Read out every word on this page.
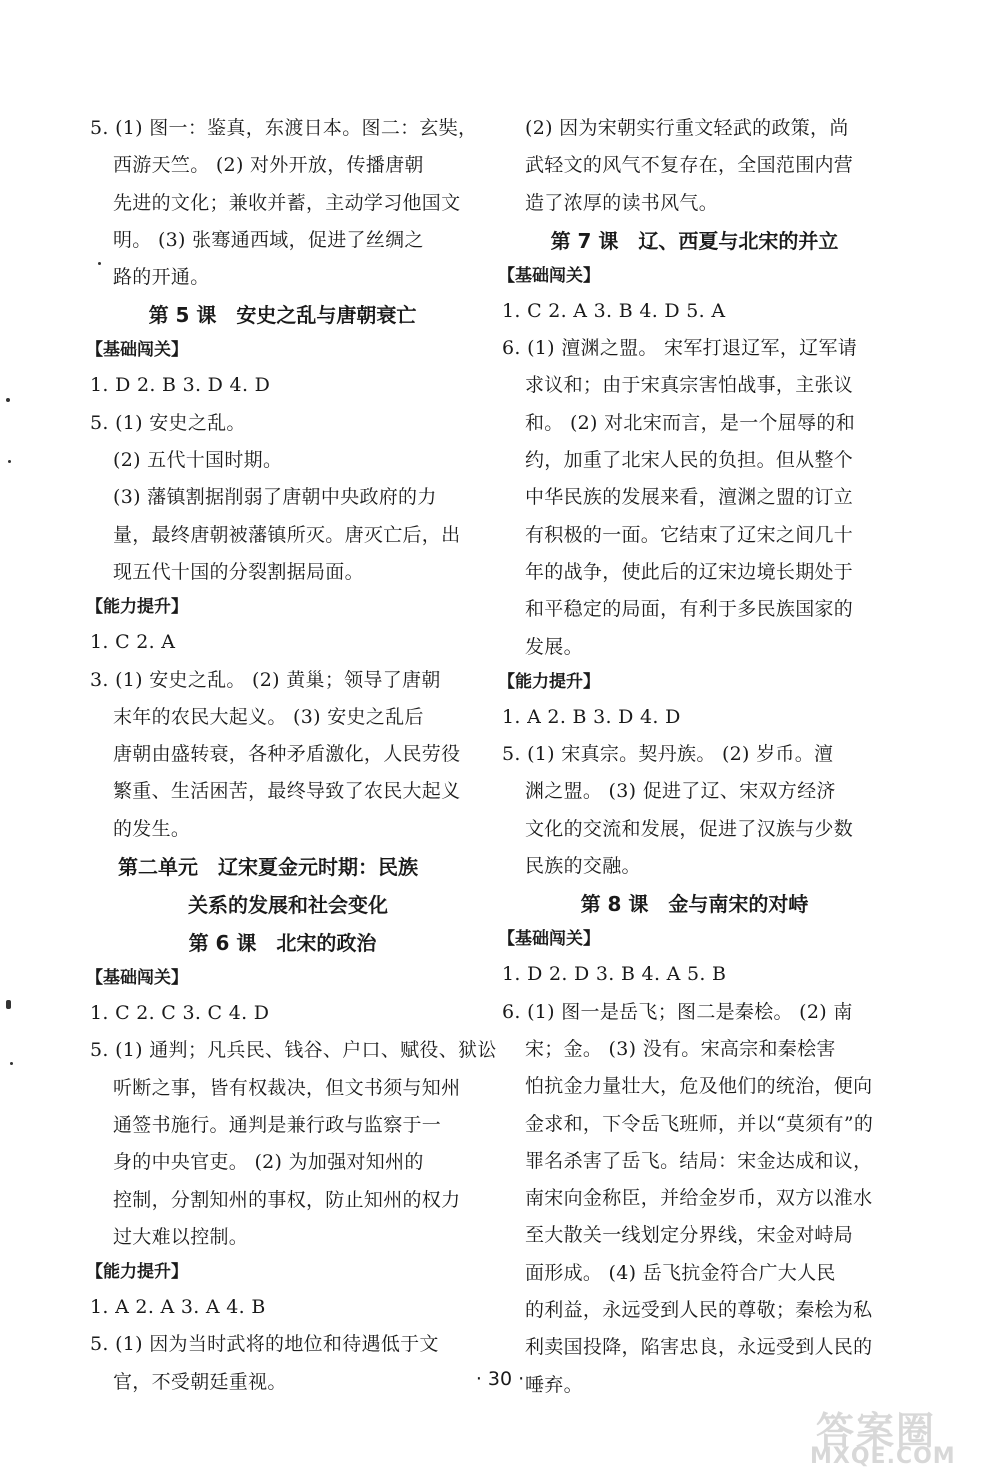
5. (1) 图一：鉴真，东渡日本。图二：玄奘，
西游天竺。 (2) 对外开放，传播唐朝
先进的文化；兼收并蓄，主动学习他国文
明。 (3) 张骞通西域，促进了丝绸之
路的开通。
第 5 课　安史之乱与唐朝衰亡
【基础闯关】
1. D 2. B 3. D 4. D
5. (1) 安史之乱。
(2) 五代十国时期。
(3) 藩镇割据削弱了唐朝中央政府的力
量，最终唐朝被藩镇所灭。唐灭亡后，出
现五代十国的分裂割据局面。
【能力提升】
1. C 2. A
3. (1) 安史之乱。 (2) 黄巢；领导了唐朝
末年的农民大起义。 (3) 安史之乱后
唐朝由盛转衰，各种矛盾激化，人民劳役
繁重、生活困苦，最终导致了农民大起义
的发生。
第二单元　辽宋夏金元时期：民族
关系的发展和社会变化
第 6 课　北宋的政治
【基础闯关】
1. C 2. C 3. C 4. D
5. (1) 通判；凡兵民、钱谷、户口、赋役、狱讼
听断之事，皆有权裁决，但文书须与知州
通签书施行。通判是兼行政与监察于一
身的中央官吏。 (2) 为加强对知州的
控制，分割知州的事权，防止知州的权力
过大难以控制。
【能力提升】
1. A 2. A 3. A 4. B
5. (1) 因为当时武将的地位和待遇低于文
官，不受朝廷重视。
(2) 因为宋朝实行重文轻武的政策，尚
武轻文的风气不复存在，全国范围内营
造了浓厚的读书风气。
第 7 课　辽、西夏与北宋的并立
【基础闯关】
1. C 2. A 3. B 4. D 5. A
6. (1) 澶渊之盟。 宋军打退辽军，辽军请
求议和；由于宋真宗害怕战事，主张议
和。 (2) 对北宋而言，是一个屈辱的和
约，加重了北宋人民的负担。但从整个
中华民族的发展来看，澶渊之盟的订立
有积极的一面。它结束了辽宋之间几十
年的战争，使此后的辽宋边境长期处于
和平稳定的局面，有利于多民族国家的
发展。
【能力提升】
1. A 2. B 3. D 4. D
5. (1) 宋真宗。契丹族。 (2) 岁币。澶
渊之盟。 (3) 促进了辽、宋双方经济
文化的交流和发展，促进了汉族与少数
民族的交融。
第 8 课　金与南宋的对峙
【基础闯关】
1. D 2. D 3. B 4. A 5. B
6. (1) 图一是岳飞；图二是秦桧。 (2) 南
宋；金。 (3) 没有。宋高宗和秦桧害
怕抗金力量壮大，危及他们的统治，便向
金求和，下令岳飞班师，并以“莫须有”的
罪名杀害了岳飞。结局：宋金达成和议，
南宋向金称臣，并给金岁币，双方以淮水
至大散关一线划定分界线，宋金对峙局
面形成。 (4) 岳飞抗金符合广大人民
的利益，永远受到人民的尊敬；秦桧为私
利卖国投降，陷害忠良，永远受到人民的
唾弃。
· 30 ·
答案圈
MXQE.COM
